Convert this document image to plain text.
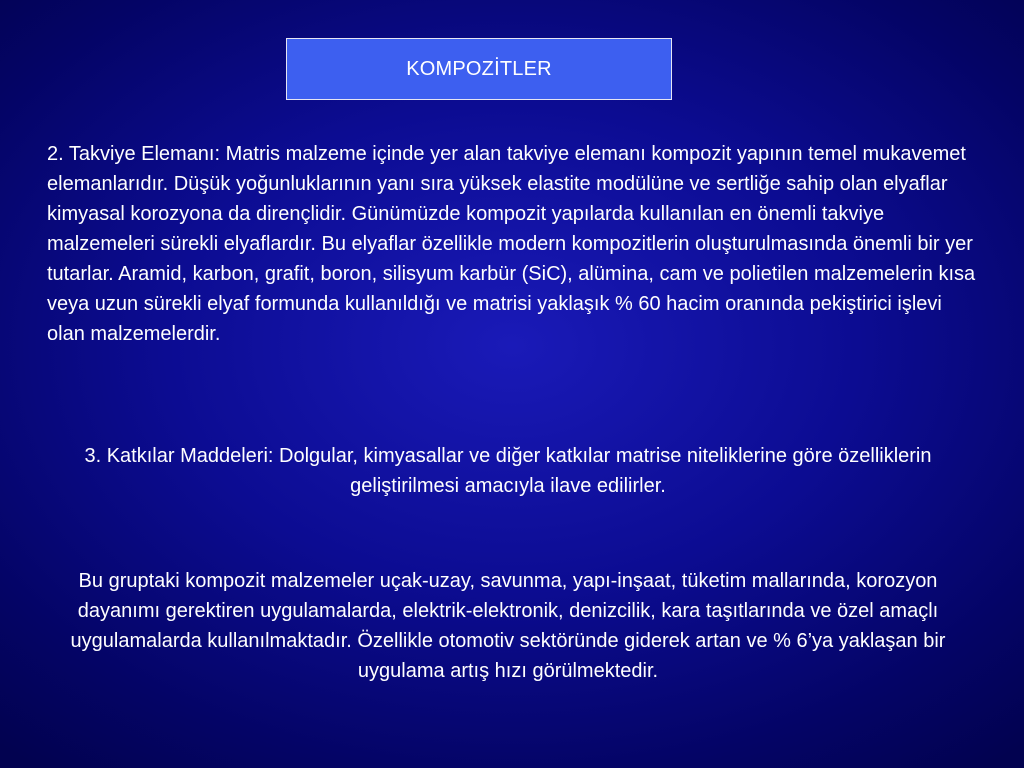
KOMPOZİTLER

2. Takviye Elemanı: Matris malzeme içinde yer alan takviye elemanı kompozit yapının temel mukavemet elemanlarıdır. Düşük yoğunluklarının yanı sıra yüksek elastite modülüne ve sertliğe sahip olan elyaflar kimyasal korozyona da dirençlidir. Günümüzde kompozit yapılarda kullanılan en önemli takviye malzemeleri sürekli elyaflardır. Bu elyaflar özellikle modern kompozitlerin oluşturulmasında önemli bir yer tutarlar. Aramid, karbon, grafit, boron, silisyum karbür (SiC), alümina, cam ve polietilen malzemelerin kısa veya uzun sürekli elyaf formunda kullanıldığı ve matrisi yaklaşık % 60 hacim oranında pekiştirici işlevi olan malzemelerdir.

3. Katkılar Maddeleri: Dolgular, kimyasallar ve diğer katkılar matrise niteliklerine göre özelliklerin geliştirilmesi amacıyla ilave edilirler.

Bu gruptaki kompozit malzemeler uçak-uzay, savunma, yapı-inşaat, tüketim mallarında, korozyon dayanımı gerektiren uygulamalarda, elektrik-elektronik, denizcilik, kara taşıtlarında ve özel amaçlı uygulamalarda kullanılmaktadır. Özellikle otomotiv sektöründe giderek artan ve % 6’ya yaklaşan bir uygulama artış hızı görülmektedir.
